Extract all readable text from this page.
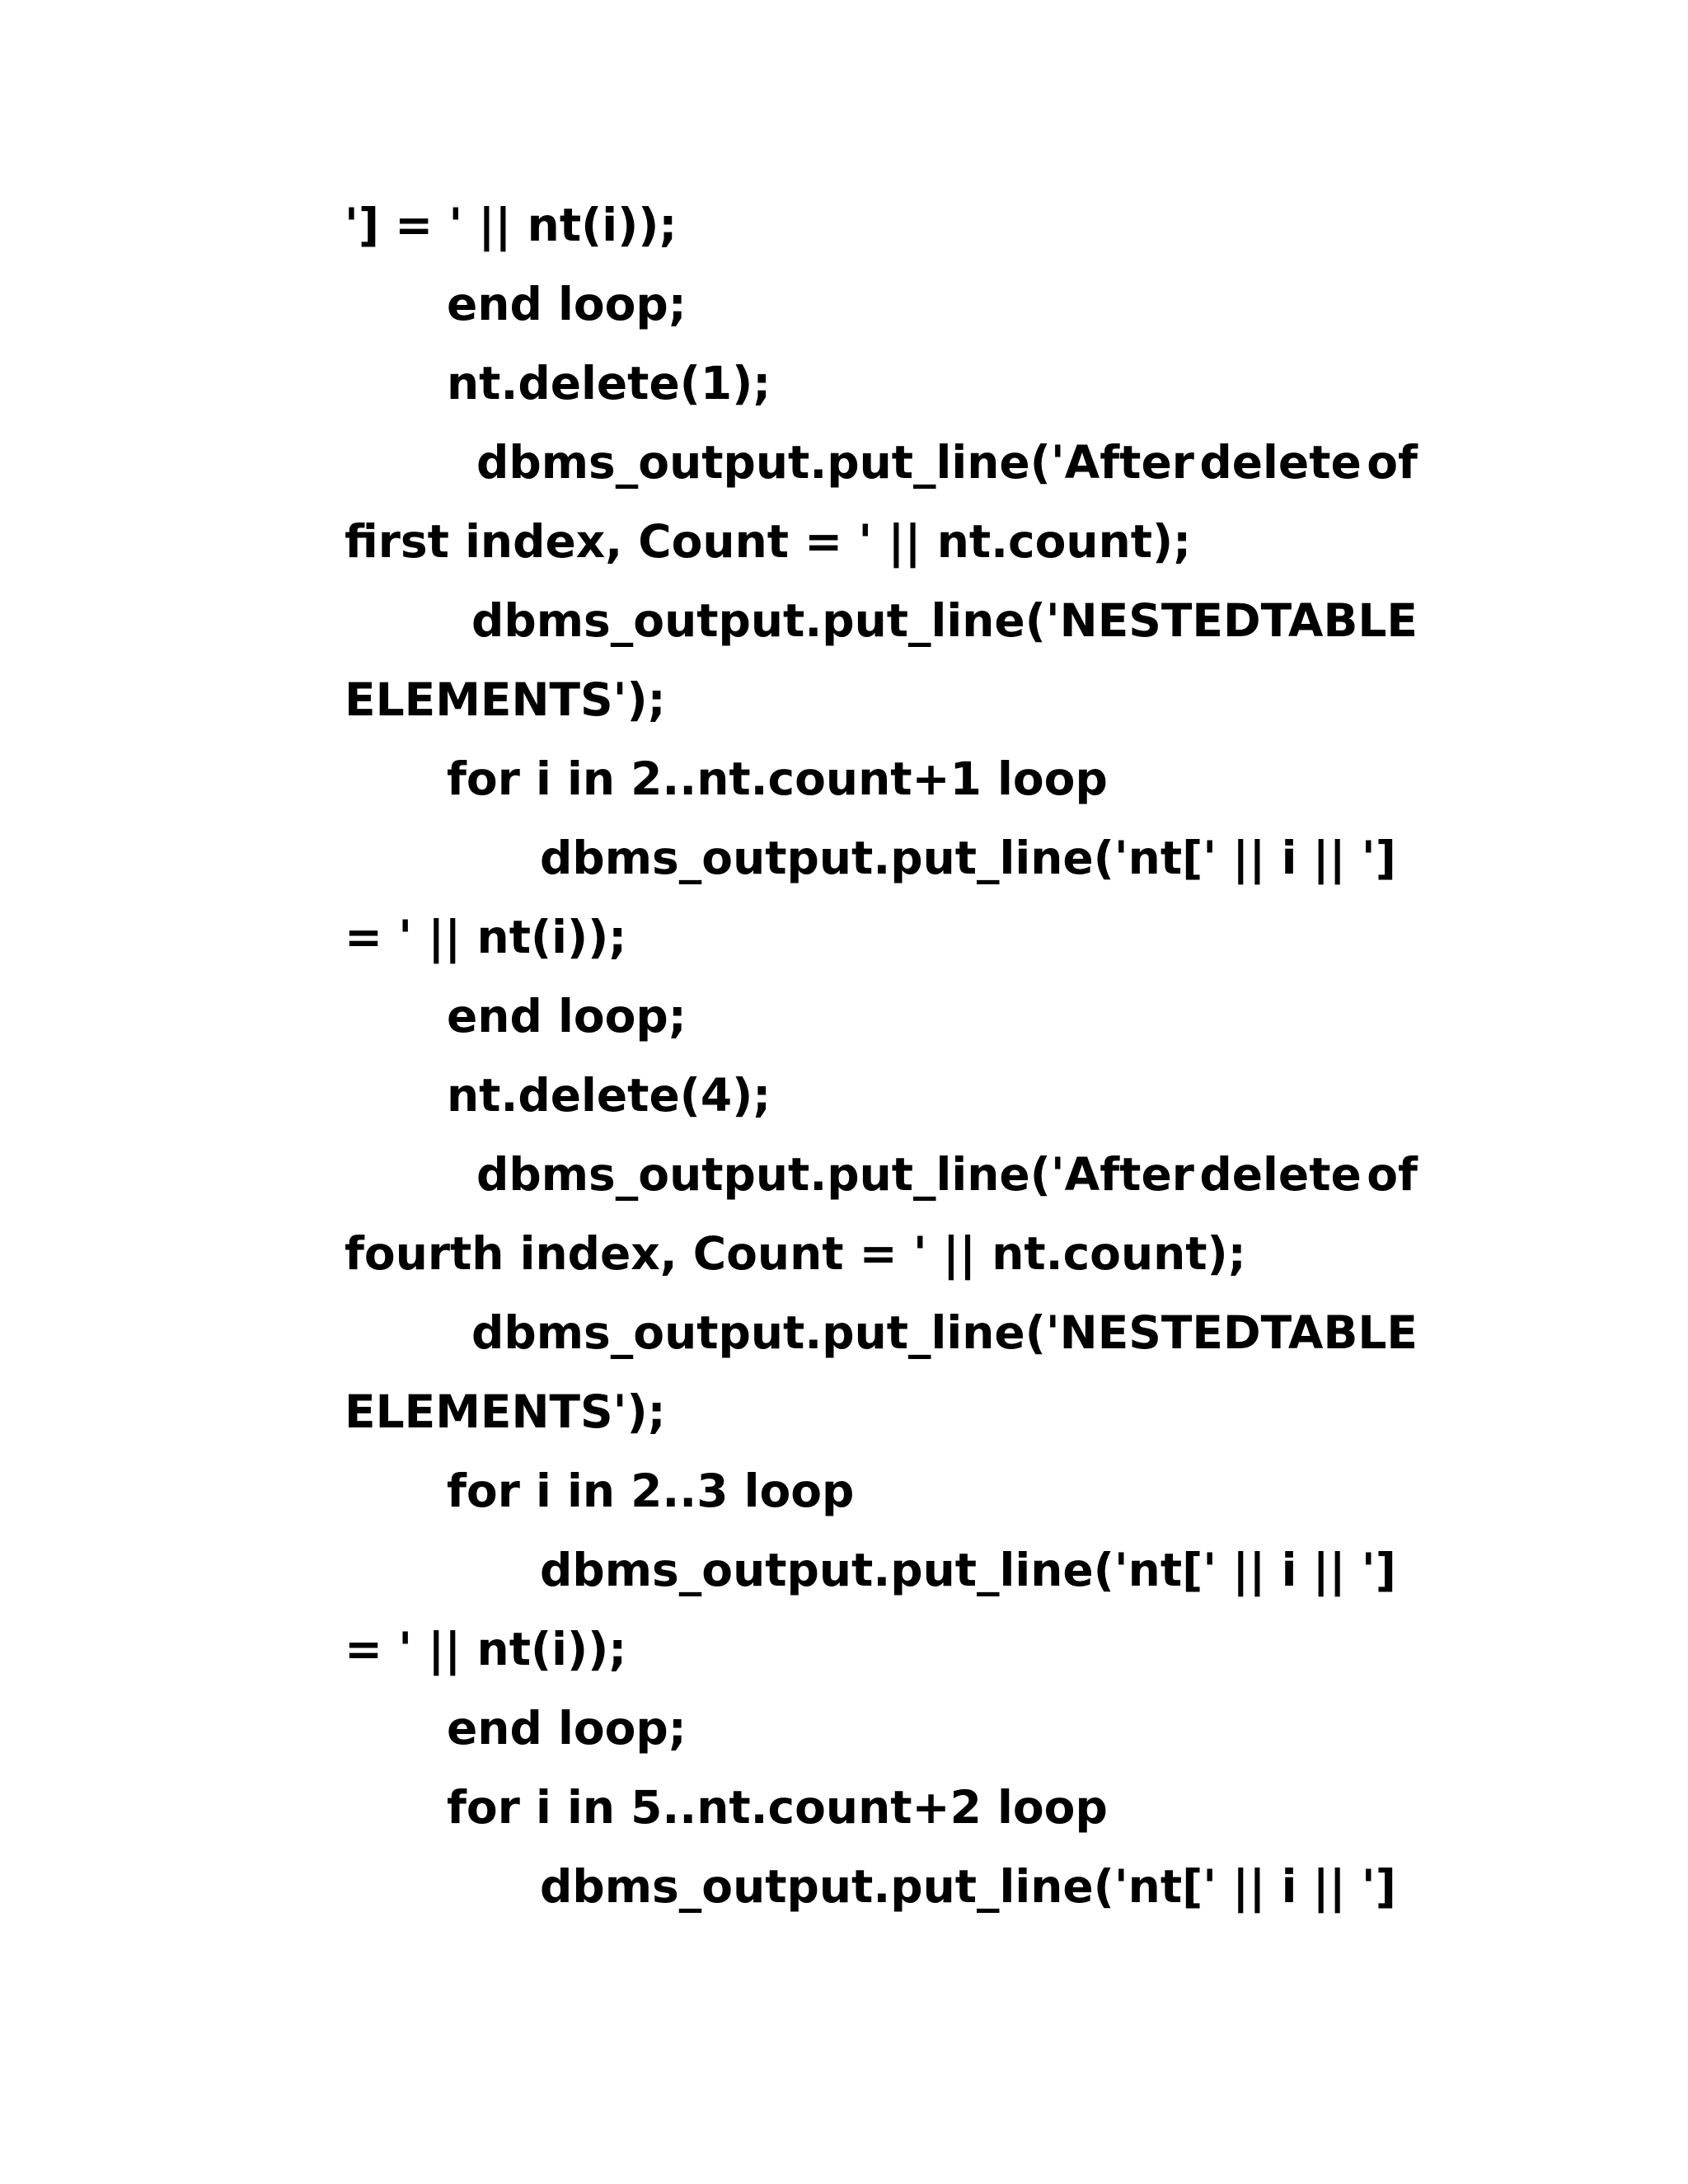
'] = ' || nt(i));

end loop;

nt.delete(1);

dbms_output.put_line('After delete of

first index, Count = ' || nt.count);

dbms_output.put_line('NESTED TABLE

ELEMENTS');

for i in 2..nt.count+1 loop

dbms_output.put_line('nt[' || i || ']

= ' || nt(i));

end loop;

nt.delete(4);

dbms_output.put_line('After delete of

fourth index, Count = ' || nt.count);

dbms_output.put_line('NESTED TABLE

ELEMENTS');

for i in 2..3 loop

dbms_output.put_line('nt[' || i || ']

= ' || nt(i));

end loop;

for i in 5..nt.count+2 loop

dbms_output.put_line('nt[' || i || ']
